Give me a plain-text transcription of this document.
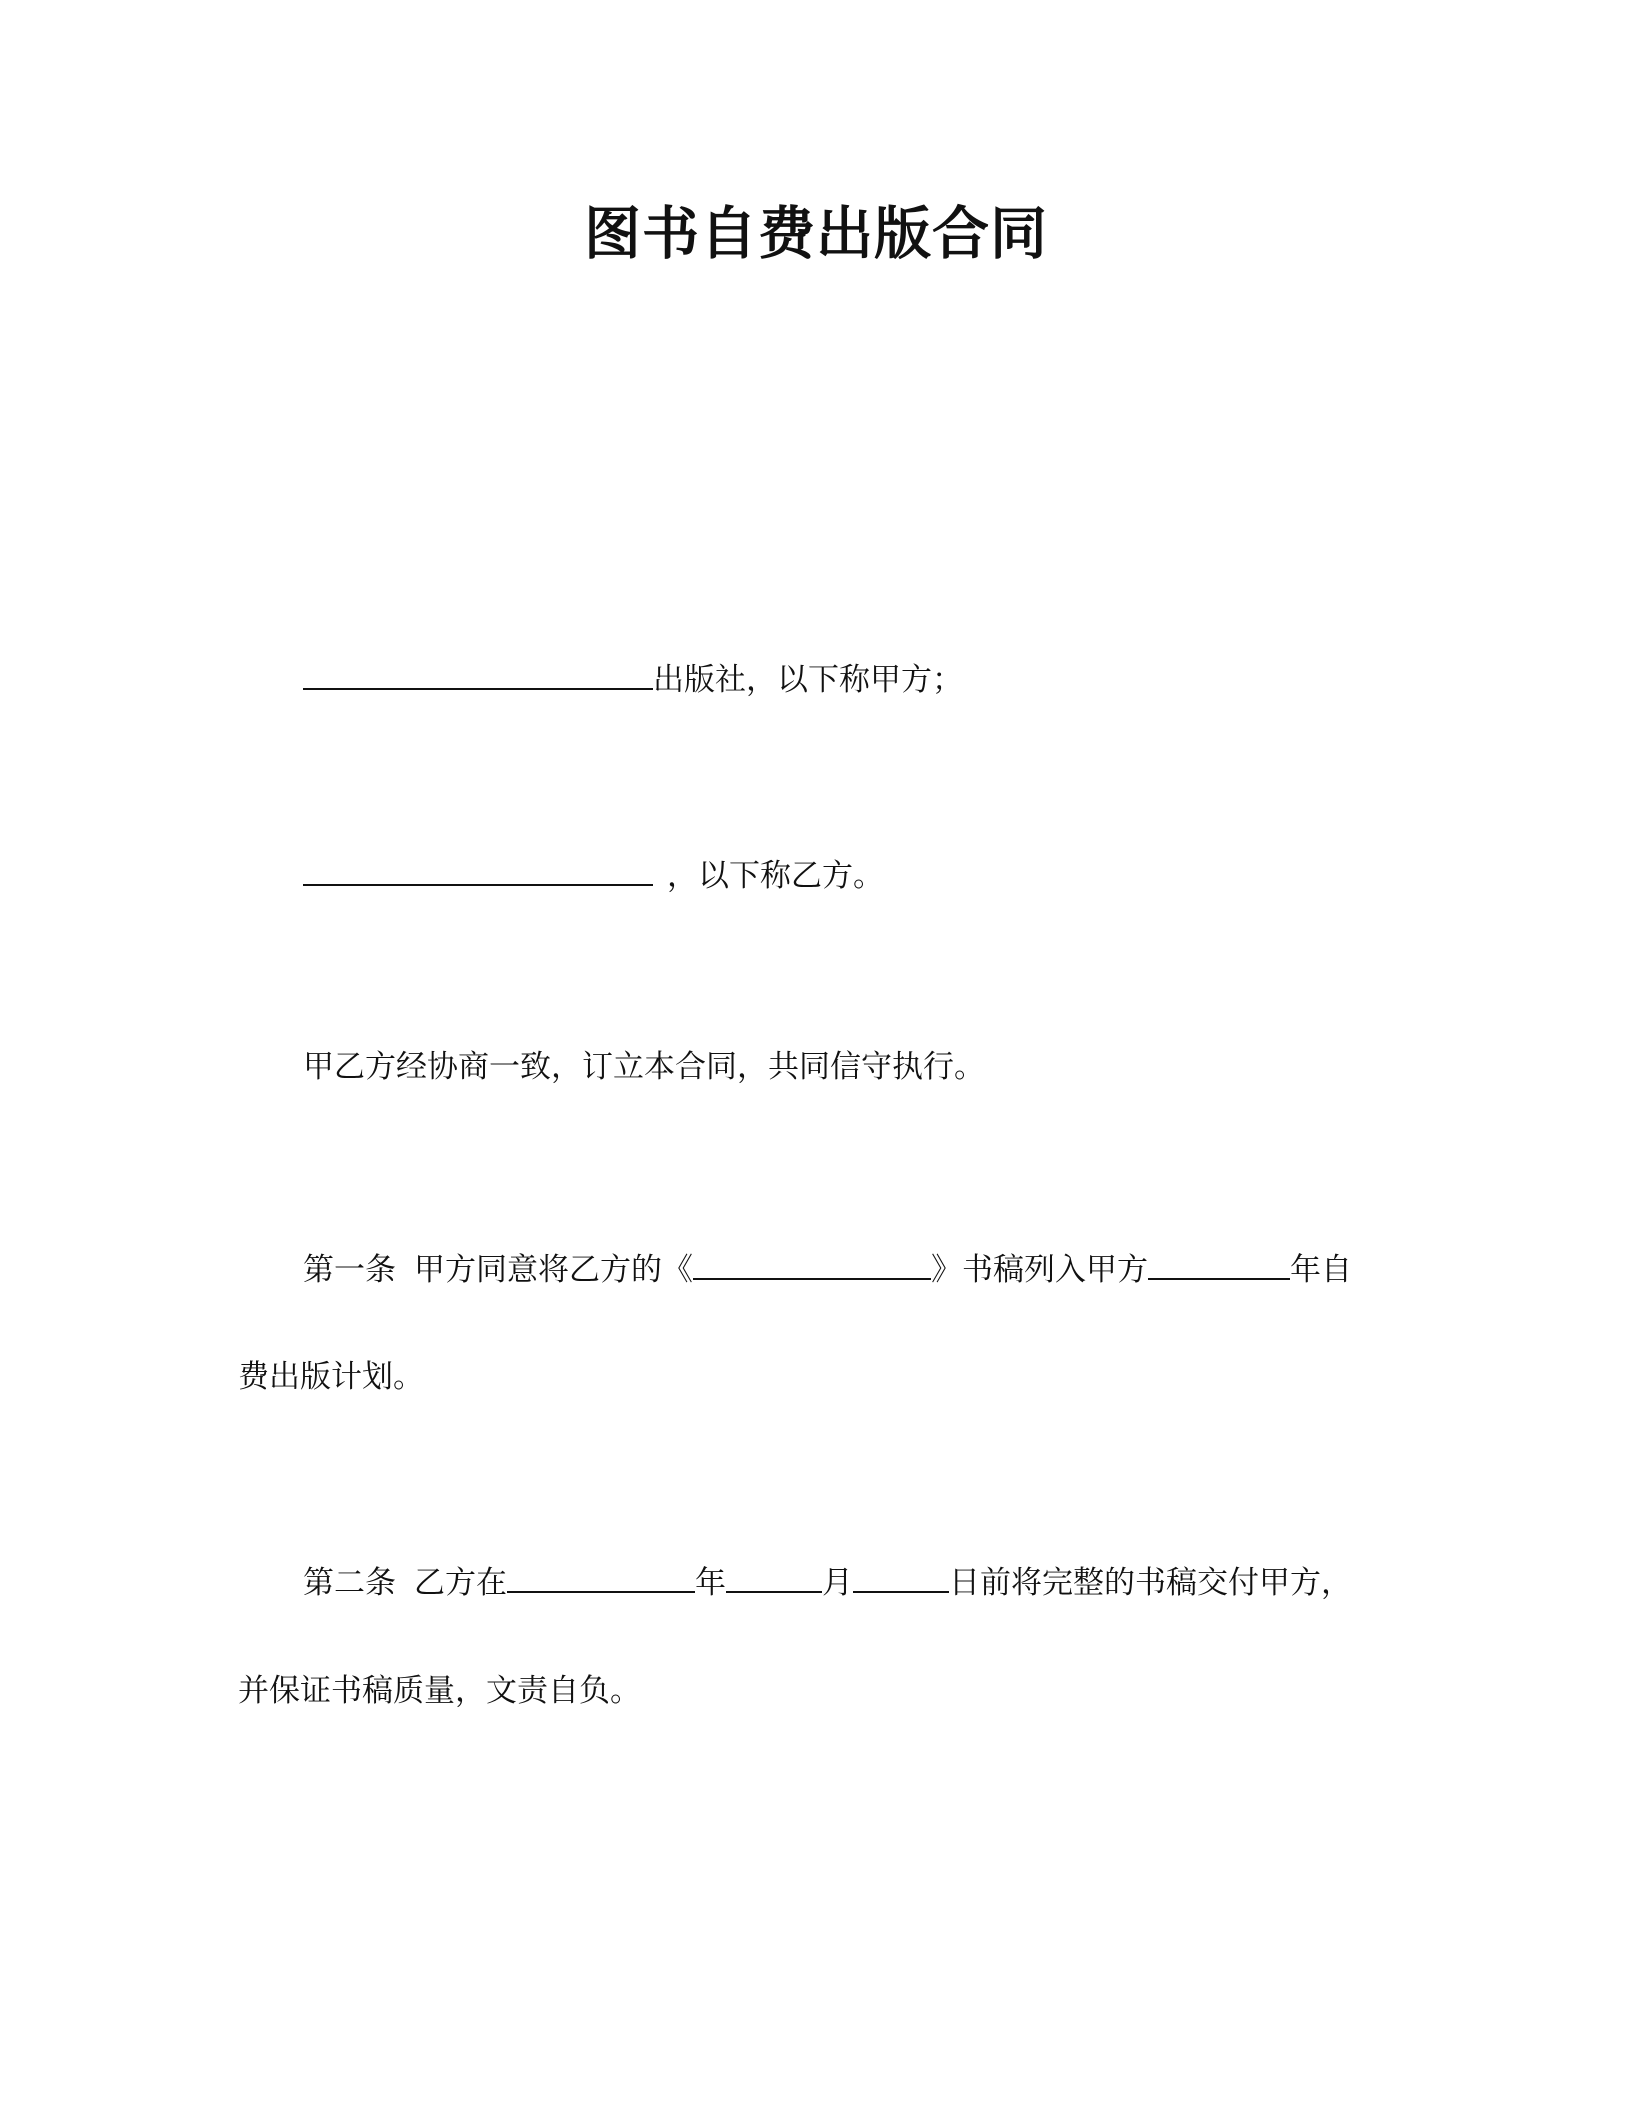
图书自费出版合同
出版社，以下称甲方；
，以下称乙方。
甲乙方经协商一致，订立本合同，共同信守执行。
第一条 甲方同意将乙方的《	》书稿列入甲方	年自
费出版计划。
第二条 乙方在	年	月	日前将完整的书稿交付甲方，
并保证书稿质量，文责自负。
